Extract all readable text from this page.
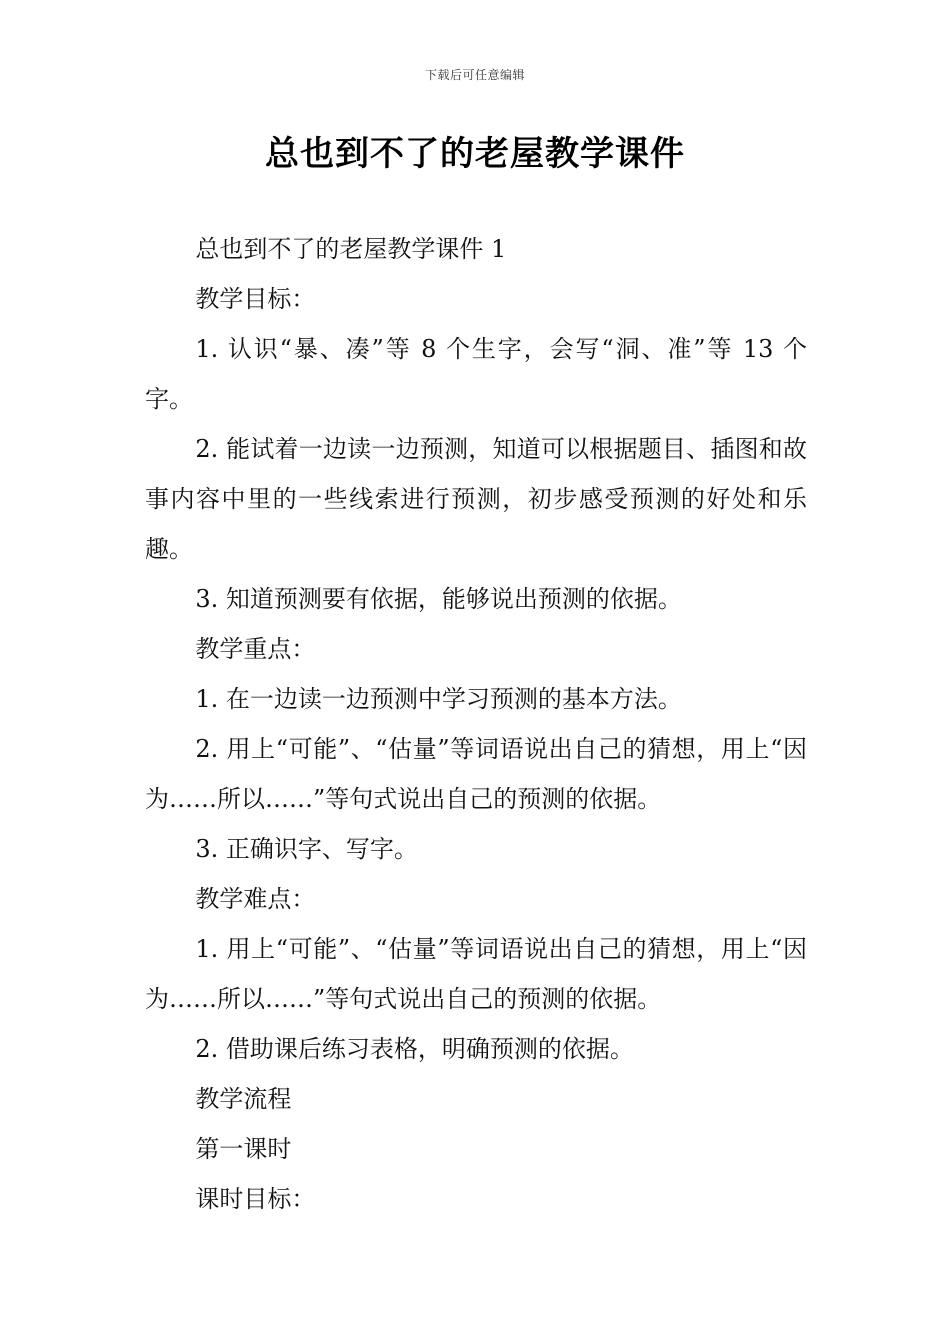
下载后可任意编辑
总也到不了的老屋教学课件

总也到不了的老屋教学课件 1

教学目标：

1. 认识“暴、凑”等 8 个生字，会写“洞、准”等 13 个字。

2. 能试着一边读一边预测，知道可以根据题目、插图和故事内容中里的一些线索进行预测，初步感受预测的好处和乐趣。

3. 知道预测要有依据，能够说出预测的依据。

教学重点：

1. 在一边读一边预测中学习预测的基本方法。

2. 用上“可能”、“估量”等词语说出自己的猜想，用上“因为……所以……”等句式说出自己的预测的依据。

3. 正确识字、写字。

教学难点：

1. 用上“可能”、“估量”等词语说出自己的猜想，用上“因为……所以……”等句式说出自己的预测的依据。

2. 借助课后练习表格，明确预测的依据。

教学流程

第一课时

课时目标：
